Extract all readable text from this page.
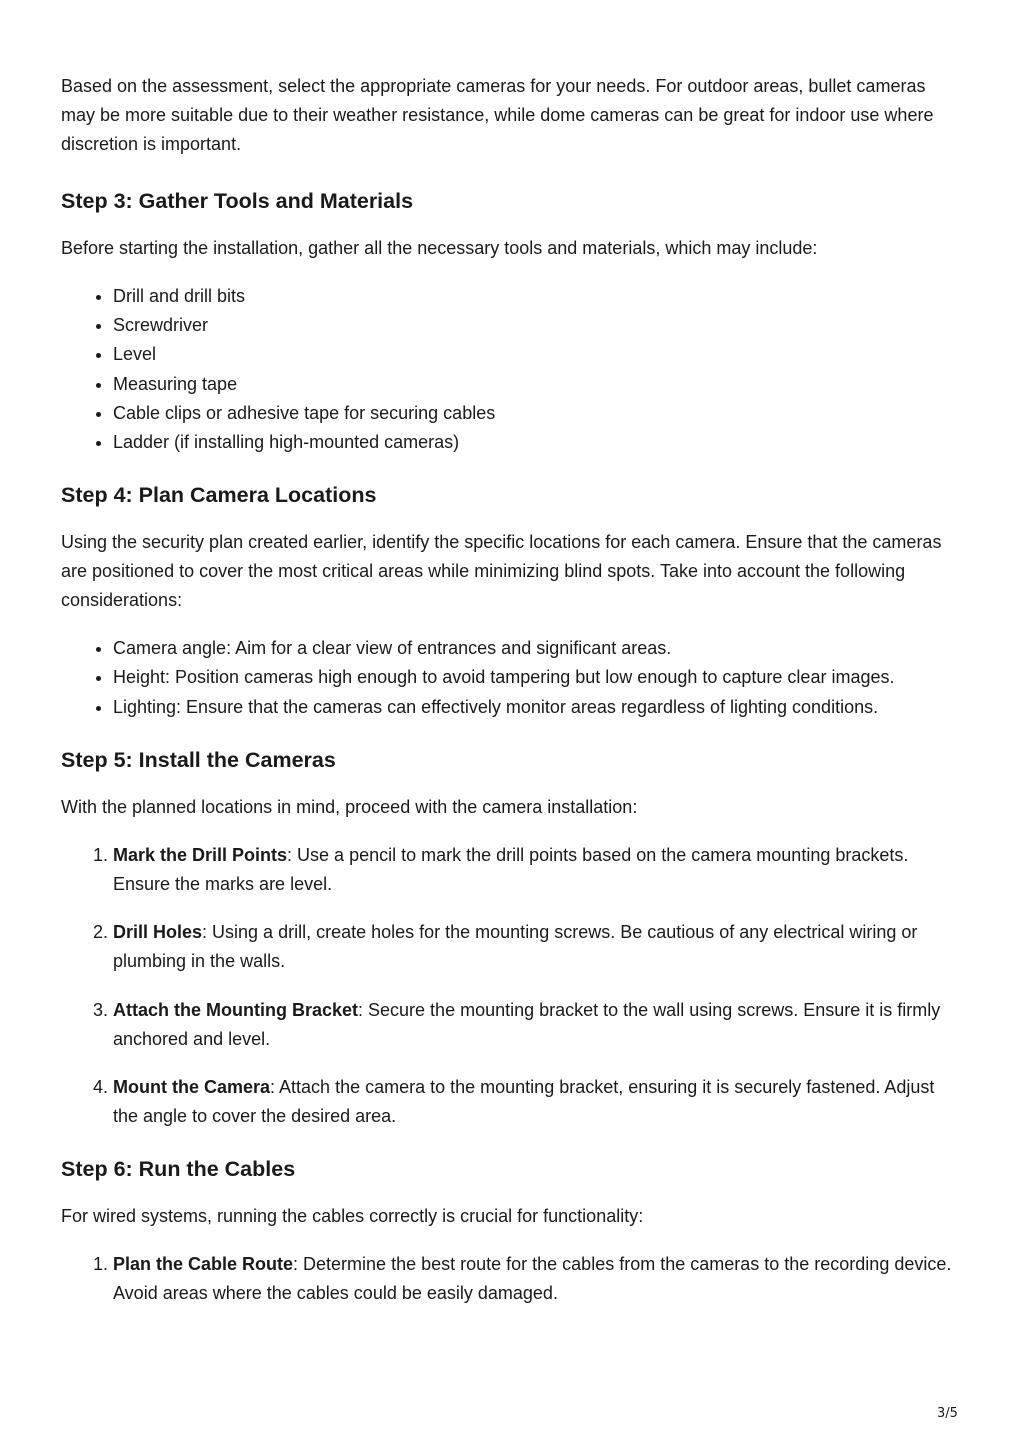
Based on the assessment, select the appropriate cameras for your needs. For outdoor areas, bullet cameras may be more suitable due to their weather resistance, while dome cameras can be great for indoor use where discretion is important.

Step 3: Gather Tools and Materials

Before starting the installation, gather all the necessary tools and materials, which may include:

• Drill and drill bits
• Screwdriver
• Level
• Measuring tape
• Cable clips or adhesive tape for securing cables
• Ladder (if installing high-mounted cameras)
Step 4: Plan Camera Locations

Using the security plan created earlier, identify the specific locations for each camera. Ensure that the cameras are positioned to cover the most critical areas while minimizing blind spots. Take into account the following considerations:

• Camera angle: Aim for a clear view of entrances and significant areas.
• Height: Position cameras high enough to avoid tampering but low enough to capture clear images.
• Lighting: Ensure that the cameras can effectively monitor areas regardless of lighting conditions.
Step 5: Install the Cameras

With the planned locations in mind, proceed with the camera installation:

1. Mark the Drill Points: Use a pencil to mark the drill points based on the camera mounting brackets. Ensure the marks are level.
2. Drill Holes: Using a drill, create holes for the mounting screws. Be cautious of any electrical wiring or plumbing in the walls.
3. Attach the Mounting Bracket: Secure the mounting bracket to the wall using screws. Ensure it is firmly anchored and level.
4. Mount the Camera: Attach the camera to the mounting bracket, ensuring it is securely fastened. Adjust the angle to cover the desired area.
Step 6: Run the Cables

For wired systems, running the cables correctly is crucial for functionality:

1. Plan the Cable Route: Determine the best route for the cables from the cameras to the recording device. Avoid areas where the cables could be easily damaged.
3/5
